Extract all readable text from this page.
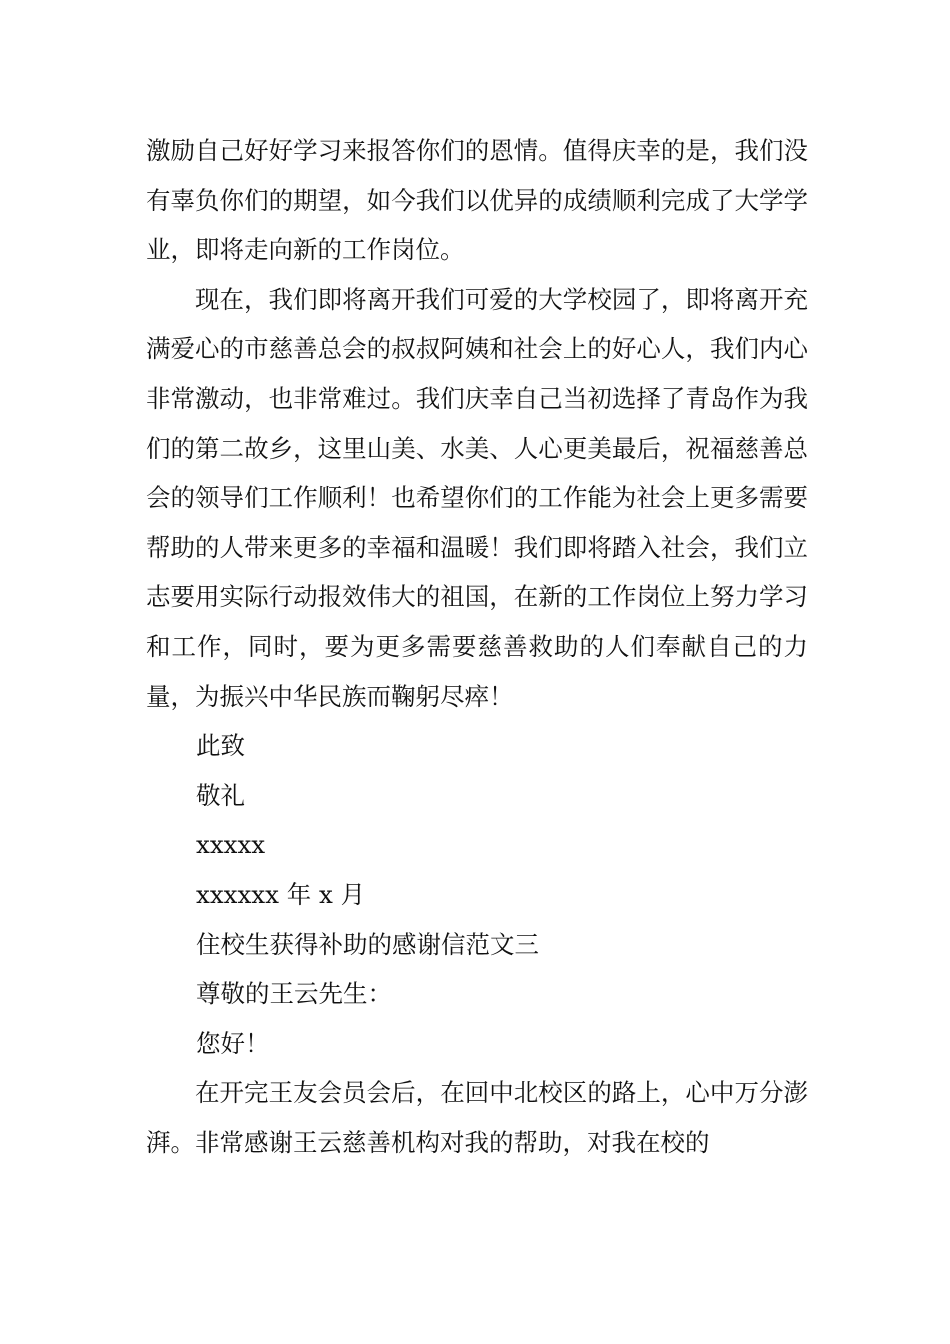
激励自己好好学习来报答你们的恩情。值得庆幸的是，我们没有辜负你们的期望，如今我们以优异的成绩顺利完成了大学学业，即将走向新的工作岗位。

现在，我们即将离开我们可爱的大学校园了，即将离开充满爱心的市慈善总会的叔叔阿姨和社会上的好心人，我们内心非常激动，也非常难过。我们庆幸自己当初选择了青岛作为我们的第二故乡，这里山美、水美、人心更美最后，祝福慈善总会的领导们工作顺利！也希望你们的工作能为社会上更多需要帮助的人带来更多的幸福和温暖！我们即将踏入社会，我们立志要用实际行动报效伟大的祖国，在新的工作岗位上努力学习和工作，同时，要为更多需要慈善救助的人们奉献自己的力量，为振兴中华民族而鞠躬尽瘁！

此致

敬礼

xxxxx

xxxxxx 年 x 月

住校生获得补助的感谢信范文三

尊敬的王云先生：

您好！

在开完王友会员会后，在回中北校区的路上，心中万分澎湃。非常感谢王云慈善机构对我的帮助，对我在校的
